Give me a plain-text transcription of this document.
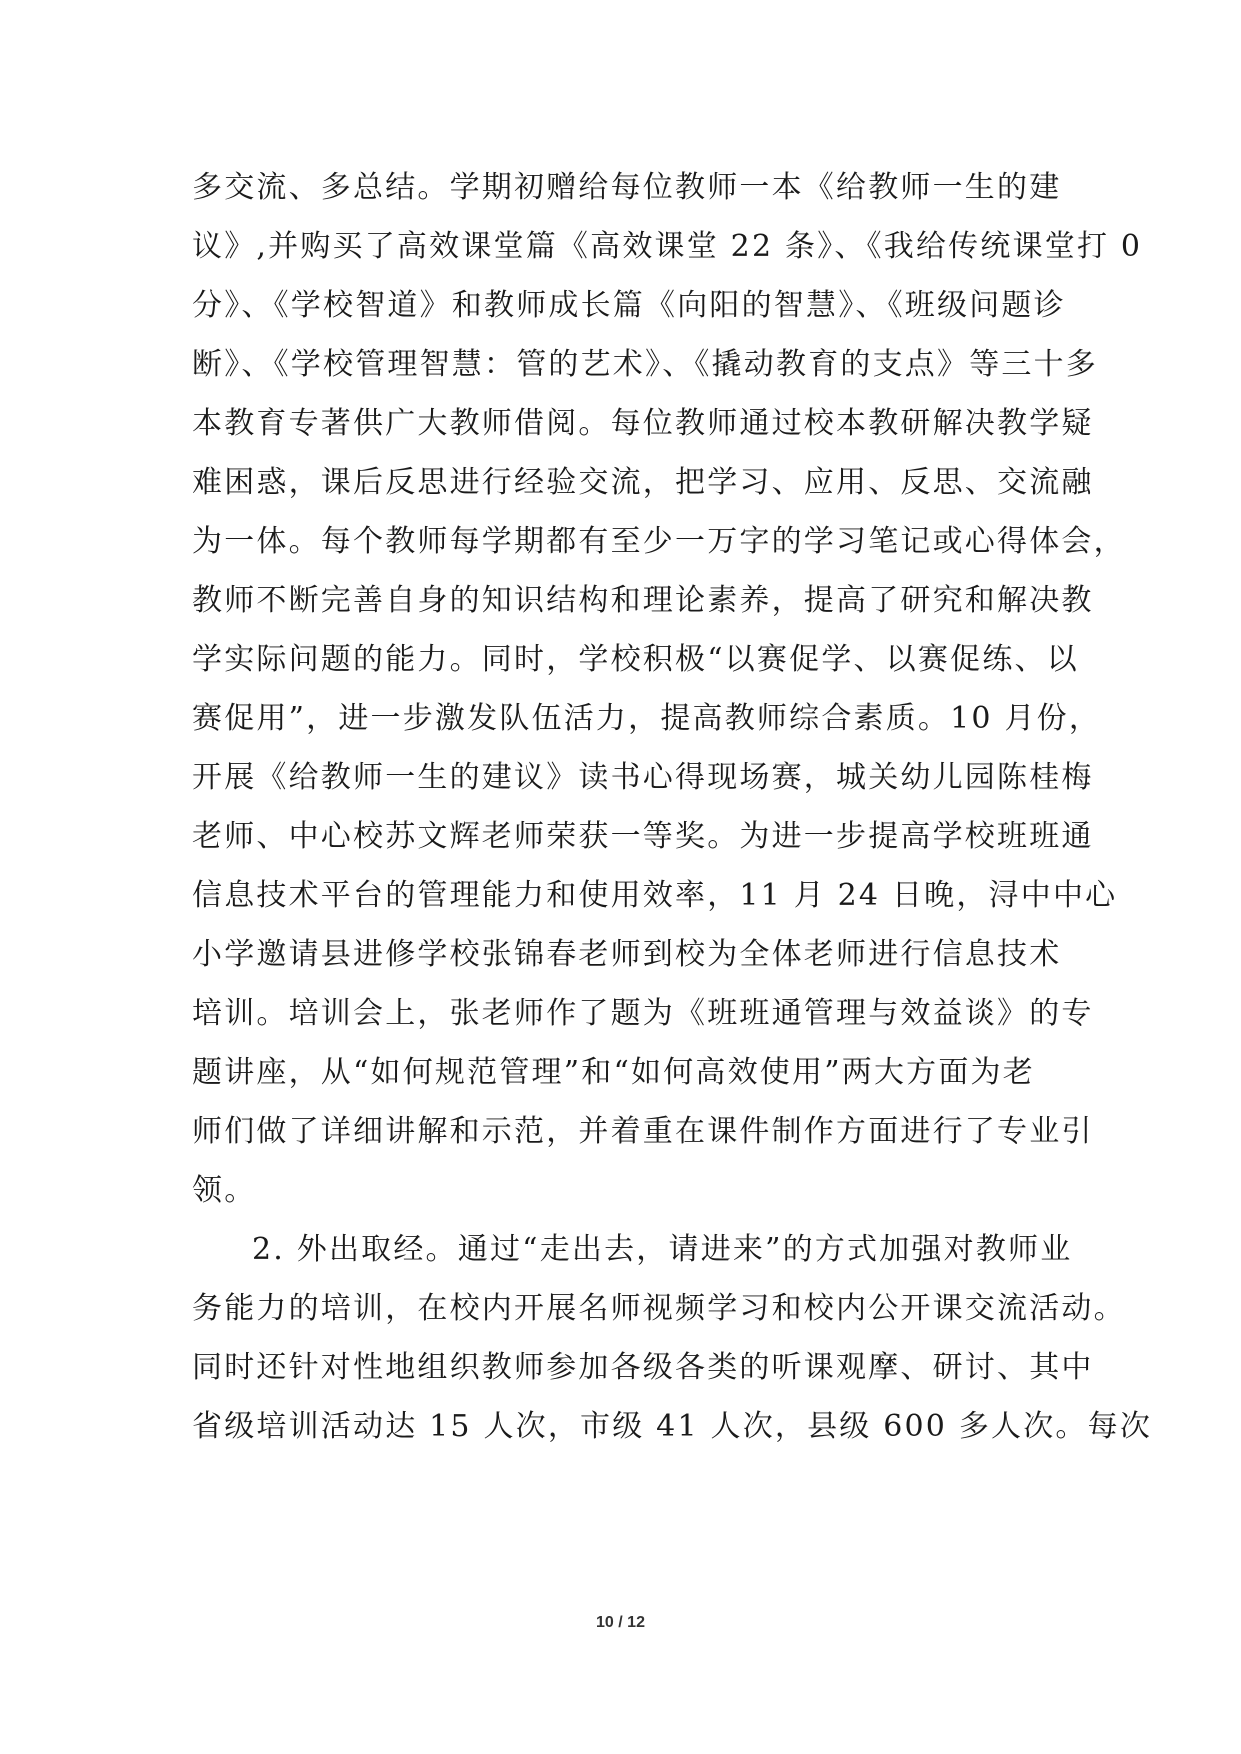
多交流、多总结。学期初赠给每位教师一本《给教师一生的建
议》,并购买了高效课堂篇《高效课堂 22 条》、《我给传统课堂打 0
分》、《学校智道》和教师成长篇《向阳的智慧》、《班级问题诊
断》、《学校管理智慧：管的艺术》、《撬动教育的支点》等三十多
本教育专著供广大教师借阅。每位教师通过校本教研解决教学疑
难困惑，课后反思进行经验交流，把学习、应用、反思、交流融
为一体。每个教师每学期都有至少一万字的学习笔记或心得体会，
教师不断完善自身的知识结构和理论素养，提高了研究和解决教
学实际问题的能力。同时，学校积极“以赛促学、以赛促练、以
赛促用”，进一步激发队伍活力，提高教师综合素质。10 月份，
开展《给教师一生的建议》读书心得现场赛，城关幼儿园陈桂梅
老师、中心校苏文辉老师荣获一等奖。为进一步提高学校班班通
信息技术平台的管理能力和使用效率，11 月 24 日晚，浔中中心
小学邀请县进修学校张锦春老师到校为全体老师进行信息技术
培训。培训会上，张老师作了题为《班班通管理与效益谈》的专
题讲座，从“如何规范管理”和“如何高效使用”两大方面为老
师们做了详细讲解和示范，并着重在课件制作方面进行了专业引
领。
2. 外出取经。通过“走出去，请进来”的方式加强对教师业
务能力的培训，在校内开展名师视频学习和校内公开课交流活动。
同时还针对性地组织教师参加各级各类的听课观摩、研讨、其中
省级培训活动达 15 人次，市级 41 人次，县级 600 多人次。每次
10 / 12
